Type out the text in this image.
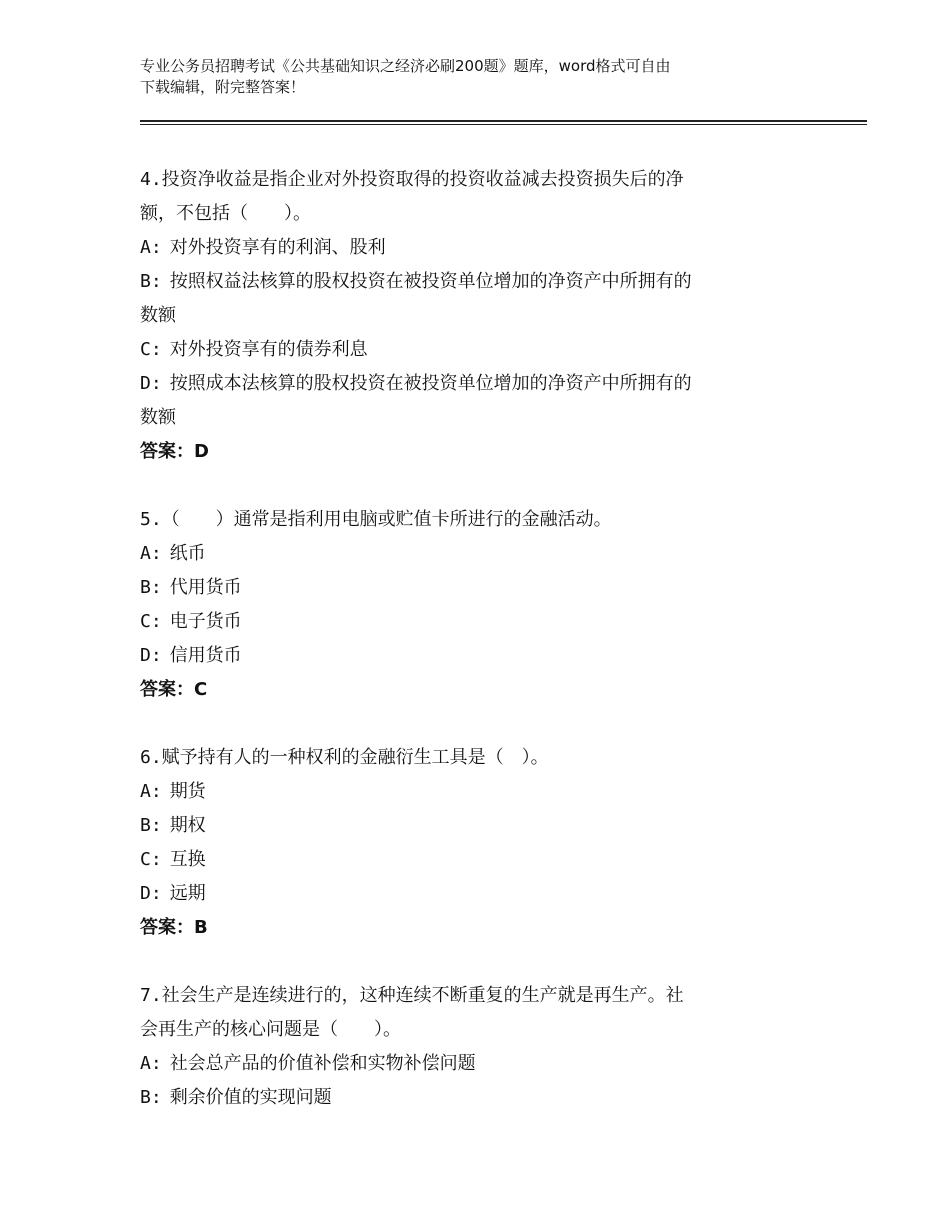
专业公务员招聘考试《公共基础知识之经济必刷200题》题库，word格式可自由
下载编辑，附完整答案！
4.投资净收益是指企业对外投资取得的投资收益减去投资损失后的净
额，不包括（　　）。
A: 对外投资享有的利润、股利
B: 按照权益法核算的股权投资在被投资单位增加的净资产中所拥有的
数额
C: 对外投资享有的债券利息
D: 按照成本法核算的股权投资在被投资单位增加的净资产中所拥有的
数额
答案：D
5.（　　）通常是指利用电脑或贮值卡所进行的金融活动。
A: 纸币
B: 代用货币
C: 电子货币
D: 信用货币
答案：C
6.赋予持有人的一种权利的金融衍生工具是（　）。
A: 期货
B: 期权
C: 互换
D: 远期
答案：B
7.社会生产是连续进行的，这种连续不断重复的生产就是再生产。社
会再生产的核心问题是（　　）。
A: 社会总产品的价值补偿和实物补偿问题
B: 剩余价值的实现问题
